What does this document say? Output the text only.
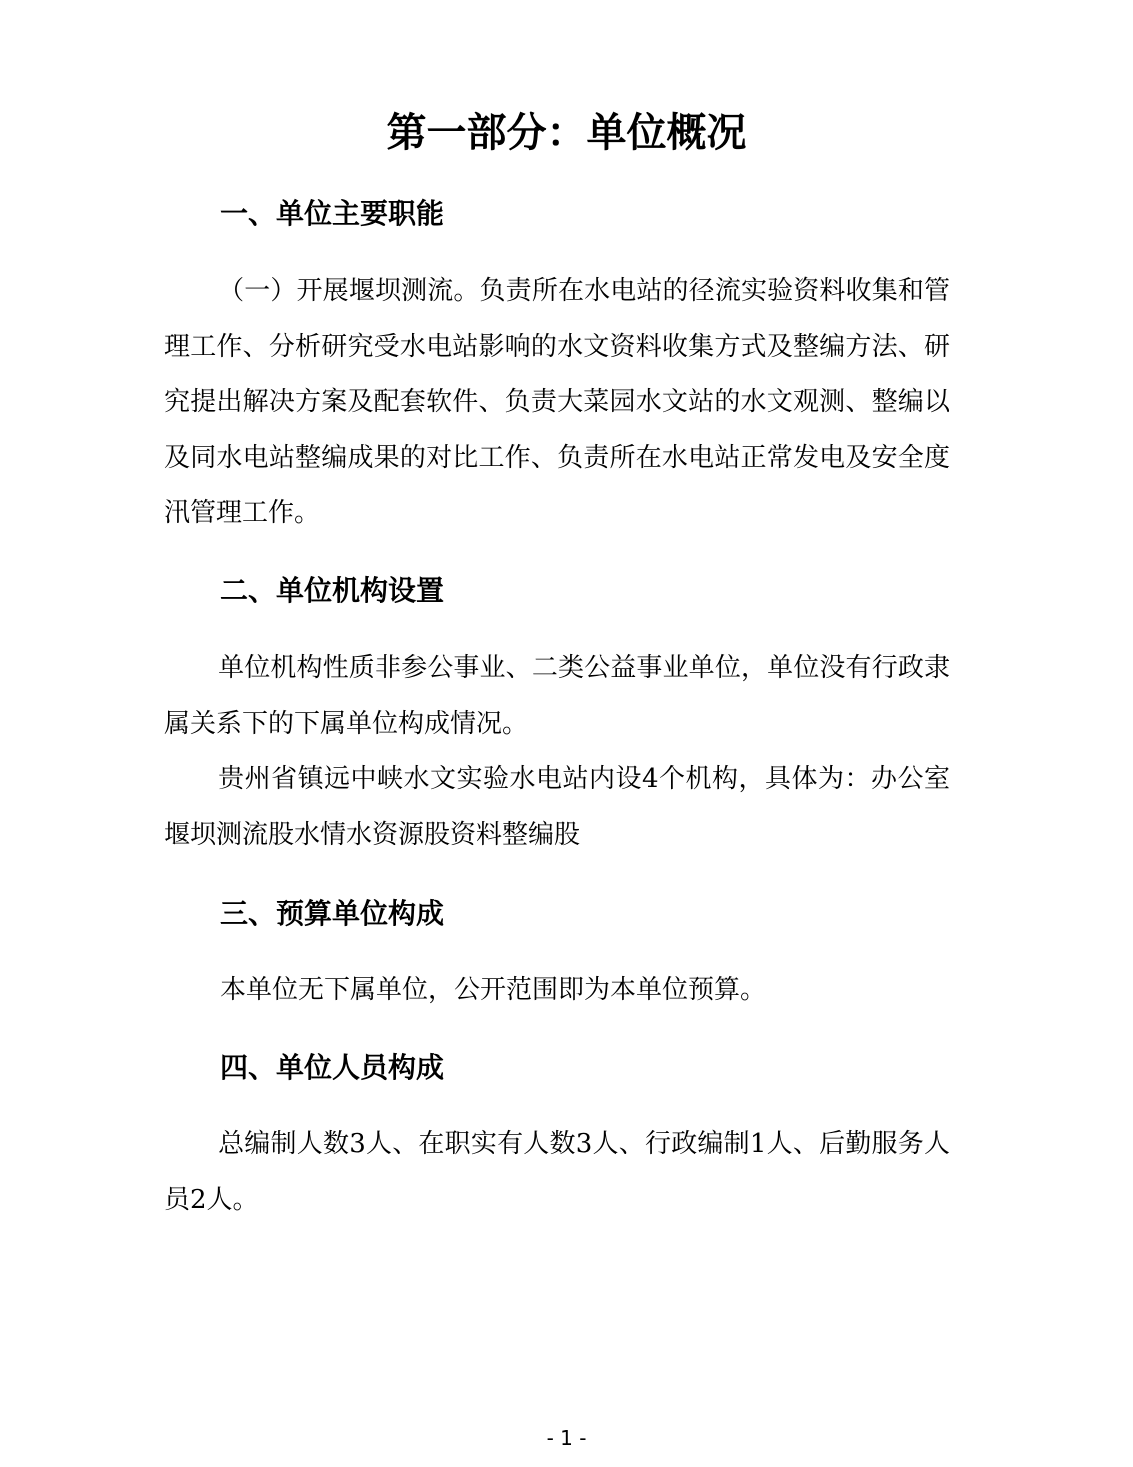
第一部分：单位概况
一、单位主要职能

（一）开展堰坝测流。负责所在水电站的径流实验资料收集和管理工作、分析研究受水电站影响的水文资料收集方式及整编方法、研究提出解决方案及配套软件、负责大菜园水文站的水文观测、整编以及同水电站整编成果的对比工作、负责所在水电站正常发电及安全度汛管理工作。

二、单位机构设置

单位机构性质非参公事业、二类公益事业单位，单位没有行政隶属关系下的下属单位构成情况。

贵州省镇远中峡水文实验水电站内设4个机构，具体为：办公室堰坝测流股水情水资源股资料整编股

三、预算单位构成

本单位无下属单位，公开范围即为本单位预算。

四、单位人员构成

总编制人数3人、在职实有人数3人、行政编制1人、后勤服务人员2人。

- 1 -
